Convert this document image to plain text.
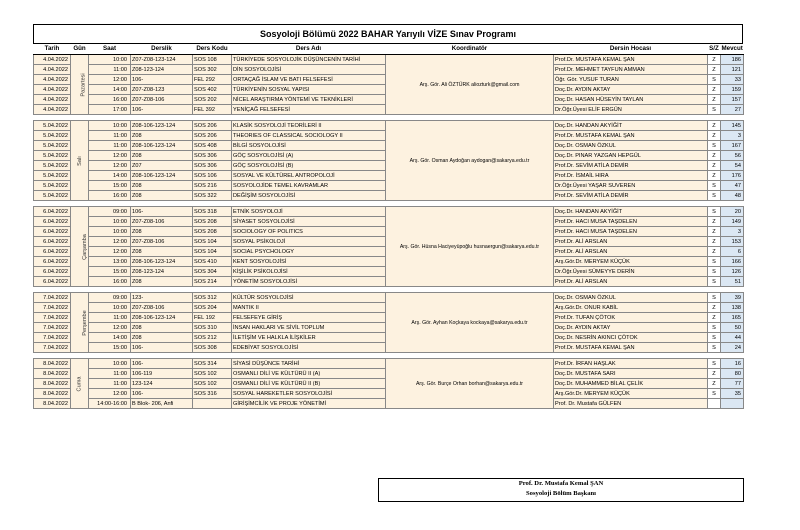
Sosyoloji Bölümü 2022 BAHAR Yarıyılı VİZE Sınav Programı
Tarih	Gün	Saat	Derslik	Ders Kodu	Ders Adı	Koordinatör	Dersin Hocası	S/Z	Mevcut
4.04.2022	Pazartesi	10:00	Z07-Z08-123-124	SOS 108	TÜRKİYEDE SOSYOLOJİK DÜŞÜNCENİN TARİHİ	Arş. Gör. Ali ÖZTÜRK aliozturk@gmail.com	Prof.Dr. MUSTAFA KEMAL ŞAN	Z	186
4.04.2022		11:00	Z08-123-124	SOS 302	DİN SOSYOLOJİSİ		Prof.Dr. MEHMET TAYFUN AMMAN	Z	121
4.04.2022		12:00	106-	FEL 292	ORTAÇAĞ İSLAM VE BATI FELSEFESİ		Öğr. Gör. YUSUF TURAN	S	33
4.04.2022		14:00	Z07-Z08-123	SOS 402	TÜRKİYENİN SOSYAL YAPISI		Doç.Dr. AYDIN AKTAY	Z	159
4.04.2022		16:00	Z07-Z08-106	SOS 202	NİCEL ARAŞTIRMA YÖNTEMİ VE TEKNİKLERİ		Doç.Dr. HASAN HÜSEYİN TAYLAN	Z	157
4.04.2022		17:00	106-	FEL 392	YENİÇAĞ FELSEFESİ		Dr.Öğr.Üyesi ELİF ERGÜN	S	27

5.04.2022	Salı	10:00	Z08-106-123-124	SOS 206	KLASİK SOSYOLOJİ TEORİLERİ II	Arş. Gör. Osman Aydoğan aydogan@sakarya.edu.tr	Doç.Dr. HANDAN AKYİĞİT	Z	145
5.04.2022		11:00	Z08	SOS 206	THEORIES OF CLASSICAL SOCIOLOGY II		Prof.Dr. MUSTAFA KEMAL ŞAN	Z	3
5.04.2022		11:00	Z08-106-123-124	SOS 408	BİLGİ SOSYOLOJİSİ		Doç.Dr. OSMAN ÖZKUL	S	167
5.04.2022		12:00	Z08	SOS 306	GÖÇ SOSYOLOJİSİ (A)		Doç.Dr. PINAR YAZGAN HEPGÜL	Z	56
5.04.2022		12:00	Z07	SOS 306	GÖÇ SOSYOLOJİSİ (B)		Prof.Dr. SEVİM ATİLA DEMİR	Z	54
5.04.2022		14:00	Z08-106-123-124	SOS 106	SOSYAL VE KÜLTÜREL ANTROPOLOJİ		Prof.Dr. İSMAİL HIRA	Z	176
5.04.2022		15:00	Z08	SOS 216	SOSYOLOJİDE TEMEL KAVRAMLAR		Dr.Öğr.Üyesi YAŞAR SUVEREN	S	47
5.04.2022		16:00	Z08	SOS 322	DEĞİŞİM SOSYOLOJİSİ		Prof.Dr. SEVİM ATİLA DEMİR	S	48

6.04.2022	Çarşamba	09:00	106-	SOS 318	ETNİK SOSYOLOJİ	Arş. Gör. Hüsna Haciyeyüpoğlu husnaergun@sakarya.edu.tr	Doç.Dr. HANDAN AKYİĞİT	S	20
6.04.2022		10:00	Z07-Z08-106	SOS 208	SİYASET SOSYOLOJİSİ		Prof.Dr. HACI MUSA TAŞDELEN	Z	149
6.04.2022		10:00	Z08	SOS 208	SOCIOLOGY OF POLITICS		Prof.Dr. HACI MUSA TAŞDELEN	Z	3
6.04.2022		12:00	Z07-Z08-106	SOS 104	SOSYAL PSİKOLOJİ		Prof.Dr. ALİ ARSLAN	Z	153
6.04.2022		12:00	Z08	SOS 104	SOCIAL PSYCHOLOGY		Prof.Dr. ALİ ARSLAN	Z	6
6.04.2022		13:00	Z08-106-123-124	SOS 410	KENT SOSYOLOJİSİ		Arş.Gör.Dr. MERYEM KÜÇÜK	S	166
6.04.2022		15:00	Z08-123-124	SOS 304	KİŞİLİK PSİKOLOJİSİ		Dr.Öğr.Üyesi SÜMEYYE DERİN	S	126
6.04.2022		16:00	Z08	SOS 214	YÖNETİM SOSYOLOJİSİ		Prof.Dr. ALİ ARSLAN	S	51

7.04.2022	Perşembe	09:00	123-	SOS 312	KÜLTÜR SOSYOLOJİSİ	Arş. Gör. Ayhan Koçkaya kockaya@sakarya.edu.tr	Doç.Dr. OSMAN ÖZKUL	S	39
7.04.2022		10:00	Z07-Z08-106	SOS 204	MANTIK II		Arş.Gör.Dr. ONUR KABİL	Z	138
7.04.2022		11:00	Z08-106-123-124	FEL 192	FELSEFEYE GİRİŞ		Prof.Dr. TUFAN ÇÖTOK	Z	165
7.04.2022		12:00	Z08	SOS 310	İNSAN HAKLARI VE SİVİL TOPLUM		Doç.Dr. AYDIN AKTAY	S	50
7.04.2022		14:00	Z08	SOS 212	İLETİŞİM VE HALKLA İLİŞKİLER		Doç.Dr. NESRİN AKINCI ÇÖTOK	S	44
7.04.2022		15:00	106-	SOS 308	EDEBİYAT SOSYOLOJİSİ		Prof.Dr. MUSTAFA KEMAL ŞAN	S	24

8.04.2022	Cuma	10:00	106-	SOS 314	SİYASİ DÜŞÜNCE TARİHİ	Arş. Gör. Burçe Orhan borhan@sakarya.edu.tr	Prof.Dr. İRFAN HAŞLAK	S	16
8.04.2022		11:00	106-119	SOS 102	OSMANLI DİLİ VE KÜLTÜRÜ II (A)		Doç.Dr. MUSTAFA SARI	Z	80
8.04.2022		11:00	123-124	SOS 102	OSMANLI DİLİ VE KÜLTÜRÜ II (B)		Doç.Dr. MUHAMMED BİLAL ÇELİK	Z	77
8.04.2022		12:00	106-	SOS 316	SOSYAL HAREKETLER SOSYOLOJİSİ		Arş.Gör.Dr. MERYEM KÜÇÜK	S	35
8.04.2022		14:00-16:00	B Blok- 206, Anfi		GİRİŞİMCİLİK VE PROJE YÖNETİMİ		Prof. Dr. Mustafa GÜLFEN		
Prof. Dr. Mustafa Kemal ŞAN
Sosyoloji Bölüm Başkanı
